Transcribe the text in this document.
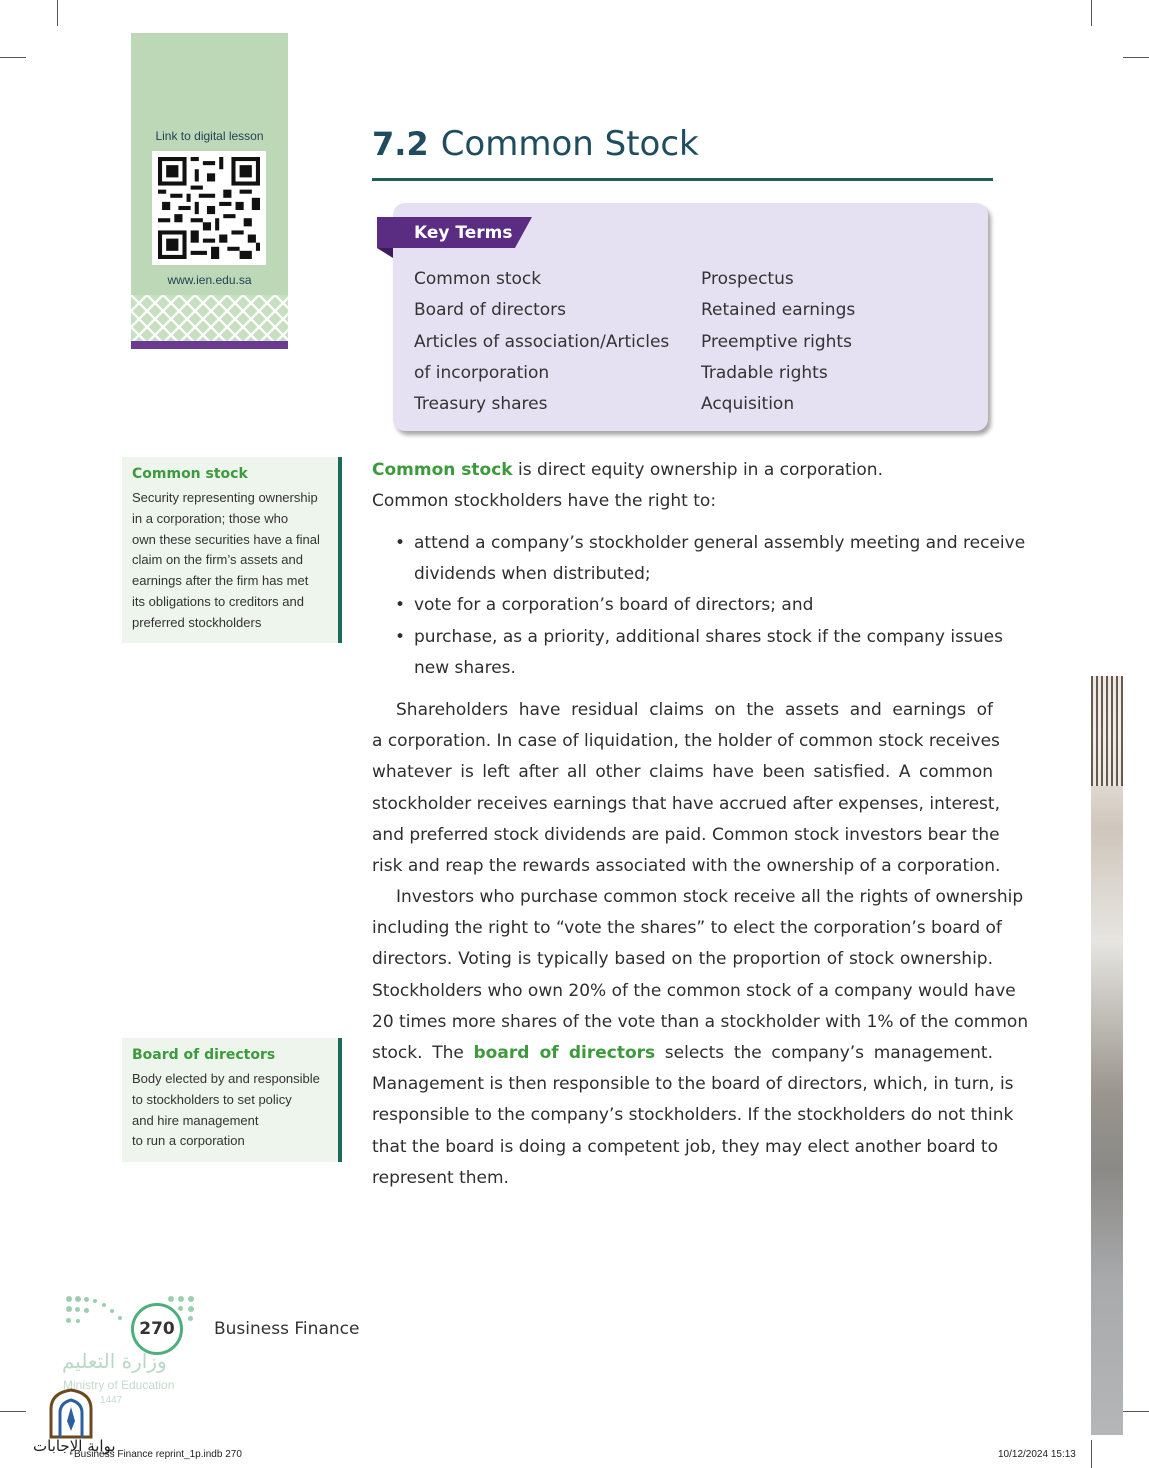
Link to digital lesson
www.ien.edu.sa
7.2 Common Stock
Key Terms
Common stock
Board of directors
Articles of association/Articles
of incorporation
Treasury shares
Prospectus
Retained earnings
Preemptive rights
Tradable rights
Acquisition
Common stock
Security representing ownership
in a corporation; those who
own these securities have a final
claim on the firm’s assets and
earnings after the firm has met
its obligations to creditors and
preferred stockholders
Board of directors
Body elected by and responsible
to stockholders to set policy
and hire management
to run a corporation
Common stock is direct equity ownership in a corporation.
Common stockholders have the right to:
• attend a company’s stockholder general assembly meeting and receive
dividends when distributed;
• vote for a corporation’s board of directors; and
• purchase, as a priority, additional shares stock if the company issues
new shares.
Shareholders have residual claims on the assets and earnings of
a corporation. In case of liquidation, the holder of common stock receives
whatever is left after all other claims have been satisfied. A common
stockholder receives earnings that have accrued after expenses, interest,
and preferred stock dividends are paid. Common stock investors bear the
risk and reap the rewards associated with the ownership of a corporation.
Investors who purchase common stock receive all the rights of ownership
including the right to “vote the shares” to elect the corporation’s board of
directors. Voting is typically based on the proportion of stock ownership.
Stockholders who own 20% of the common stock of a company would have
20 times more shares of the vote than a stockholder with 1% of the common
stock. The board of directors selects the company’s management.
Management is then responsible to the board of directors, which, in turn, is
responsible to the company’s stockholders. If the stockholders do not think
that the board is doing a competent job, they may elect another board to
represent them.
270	Business Finance
وزارة التعليم
Ministry of Education
1447
بوابة الإجابات
Business Finance reprint_1p.indb 270	10/12/2024 15:13
